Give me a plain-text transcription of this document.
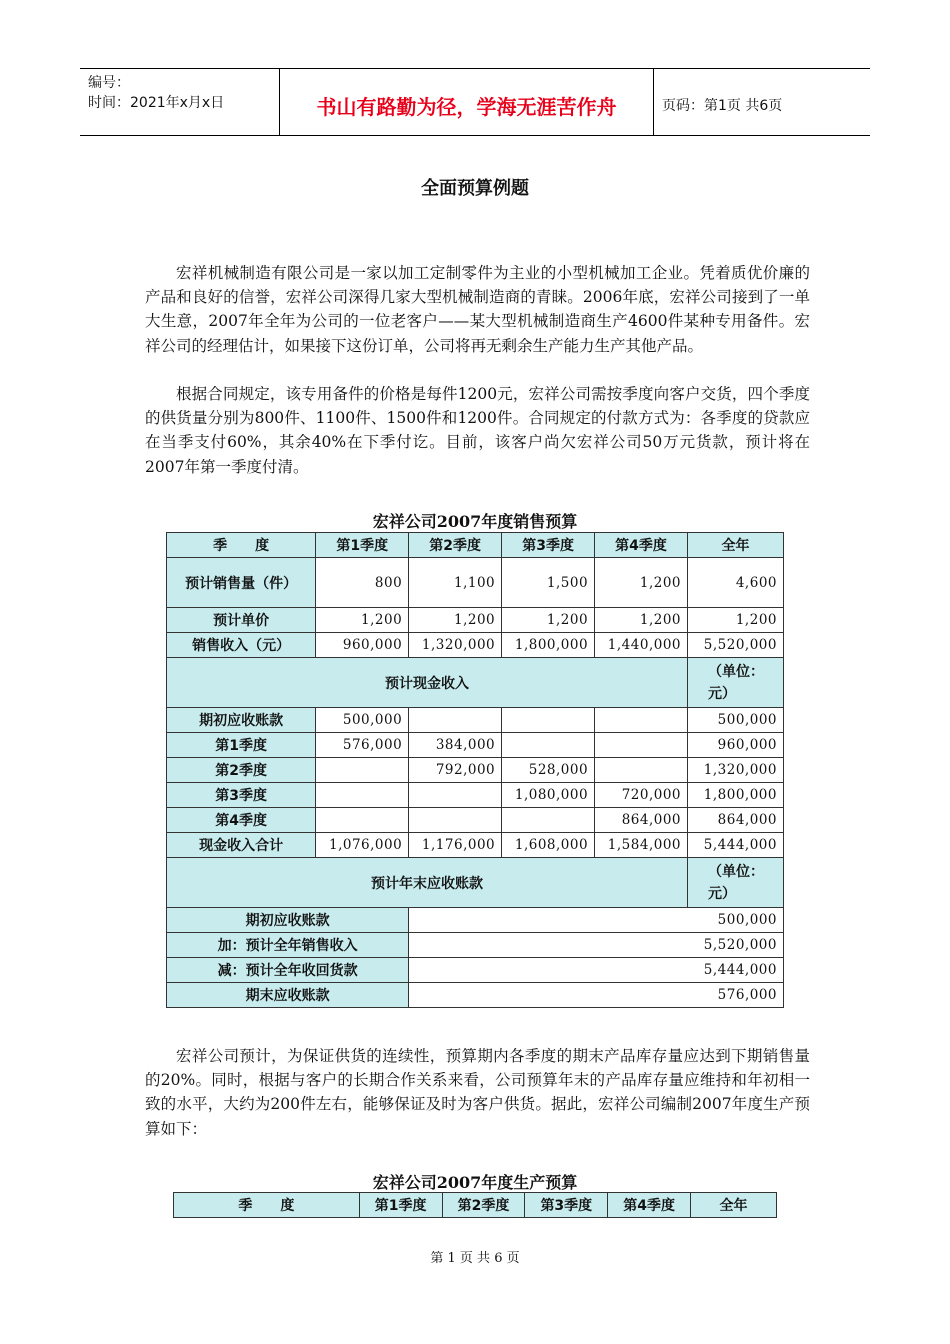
编号：
时间：2021年x月x日	书山有路勤为径，学海无涯苦作舟	页码：第1页 共6页
全面预算例题

宏祥机械制造有限公司是一家以加工定制零件为主业的小型机械加工企业。凭着质优价廉的产品和良好的信誉，宏祥公司深得几家大型机械制造商的青睐。2006年底，宏祥公司接到了一单大生意，2007年全年为公司的一位老客户——某大型机械制造商生产4600件某种专用备件。宏祥公司的经理估计，如果接下这份订单，公司将再无剩余生产能力生产其他产品。

根据合同规定，该专用备件的价格是每件1200元，宏祥公司需按季度向客户交货，四个季度的供货量分别为800件、1100件、1500件和1200件。合同规定的付款方式为：各季度的贷款应在当季支付60%，其余40%在下季付讫。目前，该客户尚欠宏祥公司50万元货款，预计将在2007年第一季度付清。

宏祥公司2007年度销售预算
季　　度	第1季度	第2季度	第3季度	第4季度	全年
预计销售量（件）	800	1,100	1,500	1,200	4,600
预计单价	1,200	1,200	1,200	1,200	1,200
销售收入（元）	960,000	1,320,000	1,800,000	1,440,000	5,520,000
预计现金收入					（单位：元）
期初应收账款	500,000				500,000
第1季度	576,000	384,000			960,000
第2季度		792,000	528,000		1,320,000
第3季度			1,080,000	720,000	1,800,000
第4季度				864,000	864,000
现金收入合计	1,076,000	1,176,000	1,608,000	1,584,000	5,444,000
预计年末应收账款					（单位：元）
期初应收账款		500,000			
加：预计全年销售收入		5,520,000			
减：预计全年收回货款		5,444,000			
期末应收账款		576,000			

宏祥公司预计，为保证供货的连续性，预算期内各季度的期末产品库存量应达到下期销售量的20%。同时，根据与客户的长期合作关系来看，公司预算年末的产品库存量应维持和年初相一致的水平，大约为200件左右，能够保证及时为客户供货。据此，宏祥公司编制2007年度生产预算如下：

宏祥公司2007年度生产预算
季　　度	第1季度	第2季度	第3季度	第4季度	全年
第 1 页 共 6 页
